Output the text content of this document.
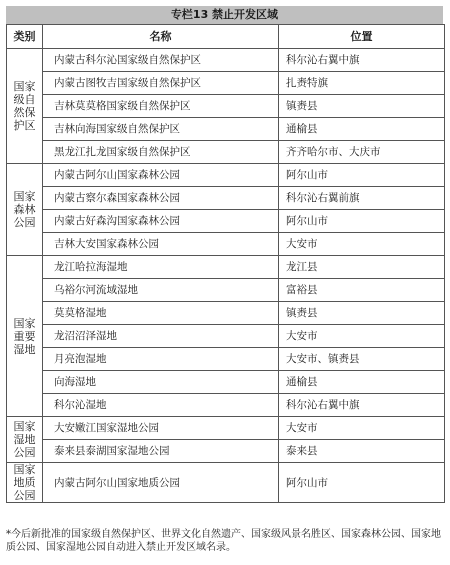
专栏13 禁止开发区域
类别	名称	位置
国家级自然保护区	内蒙古科尔沁国家级自然保护区	科尔沁右翼中旗
	内蒙古图牧吉国家级自然保护区	扎赉特旗
	吉林莫莫格国家级自然保护区	镇赉县
	吉林向海国家级自然保护区	通榆县
	黑龙江扎龙国家级自然保护区	齐齐哈尔市、大庆市
国家森林公园	内蒙古阿尔山国家森林公园	阿尔山市
	内蒙古察尔森国家森林公园	科尔沁右翼前旗
	内蒙古好森沟国家森林公园	阿尔山市
	吉林大安国家森林公园	大安市
国家重要湿地	龙江哈拉海湿地	龙江县
	乌裕尔河流域湿地	富裕县
	莫莫格湿地	镇赉县
	龙沼沼泽湿地	大安市
	月亮泡湿地	大安市、镇赉县
	向海湿地	通榆县
	科尔沁湿地	科尔沁右翼中旗
国家湿地公园	大安嫩江国家湿地公园	大安市
	泰来县泰湖国家湿地公园	泰来县
国家地质公园	内蒙古阿尔山国家地质公园	阿尔山市
*今后新批准的国家级自然保护区、世界文化自然遗产、国家级风景名胜区、国家森林公园、国家地质公园、国家湿地公园自动进入禁止开发区域名录。
